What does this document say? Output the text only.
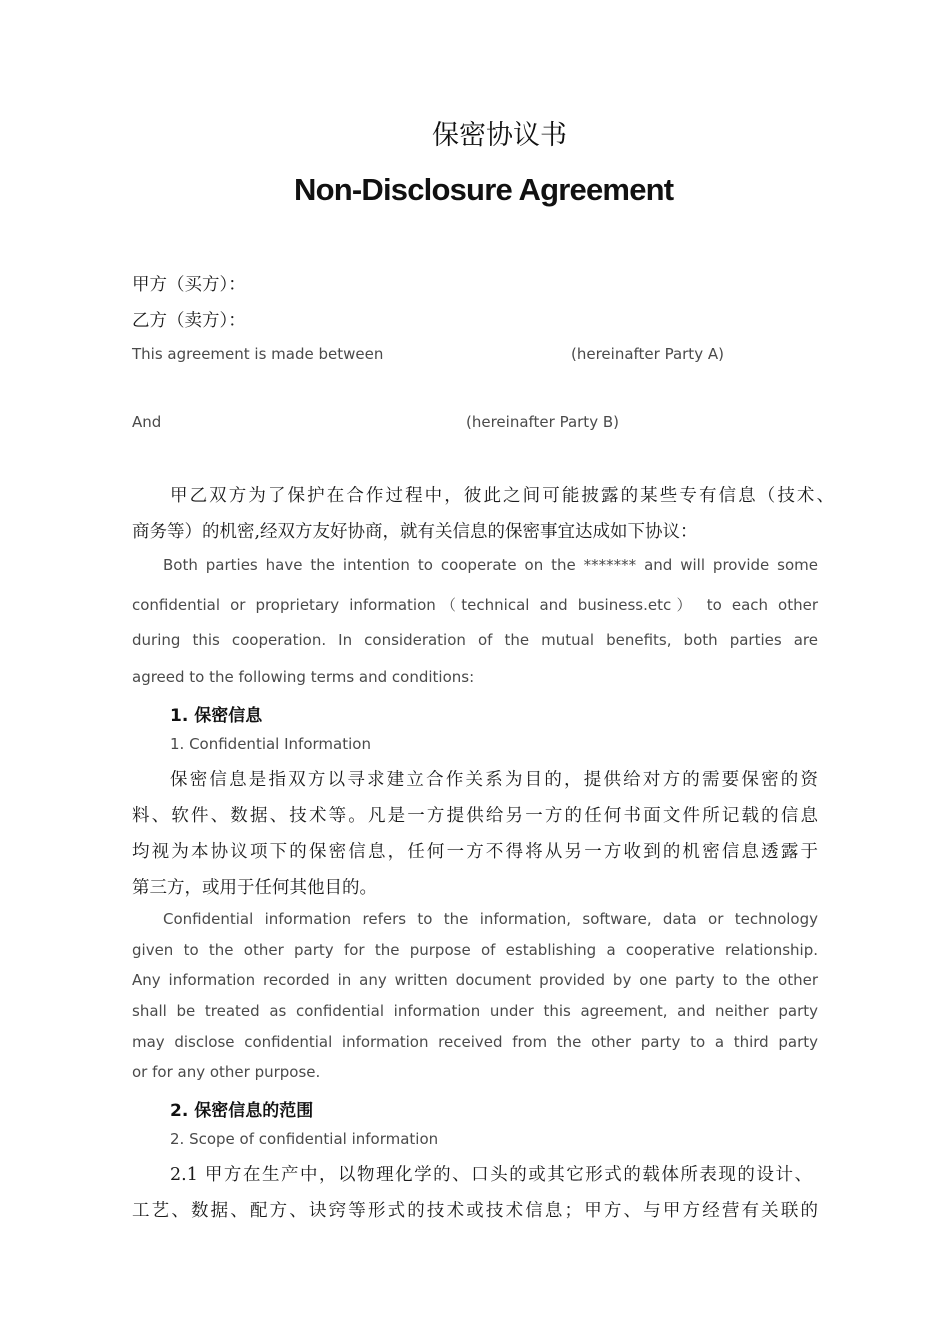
保密协议书
Non-Disclosure Agreement
甲方（买方）：
乙方（卖方）：
This agreement is made between	(hereinafter Party A)
And	(hereinafter Party B)
甲乙双方为了保护在合作过程中，彼此之间可能披露的某些专有信息（技术、
商务等）的机密,经双方友好协商，就有关信息的保密事宜达成如下协议：
Both parties have the intention to cooperate on the ******* and will provide some
confidential or proprietary information（technical and business.etc） to each other
during this cooperation. In consideration of the mutual benefits, both parties are
agreed to the following terms and conditions:
1. 保密信息
1. Confidential Information
保密信息是指双方以寻求建立合作关系为目的，提供给对方的需要保密的资
料、软件、数据、技术等。凡是一方提供给另一方的任何书面文件所记载的信息
均视为本协议项下的保密信息，任何一方不得将从另一方收到的机密信息透露于
第三方，或用于任何其他目的。
Confidential information refers to the information, software, data or technology
given to the other party for the purpose of establishing a cooperative relationship.
Any information recorded in any written document provided by one party to the other
shall be treated as confidential information under this agreement, and neither party
may disclose confidential information received from the other party to a third party
or for any other purpose.
2. 保密信息的范围
2. Scope of confidential information
2.1 甲方在生产中，以物理化学的、口头的或其它形式的载体所表现的设计、
工艺、数据、配方、诀窍等形式的技术或技术信息；甲方、与甲方经营有关联的
